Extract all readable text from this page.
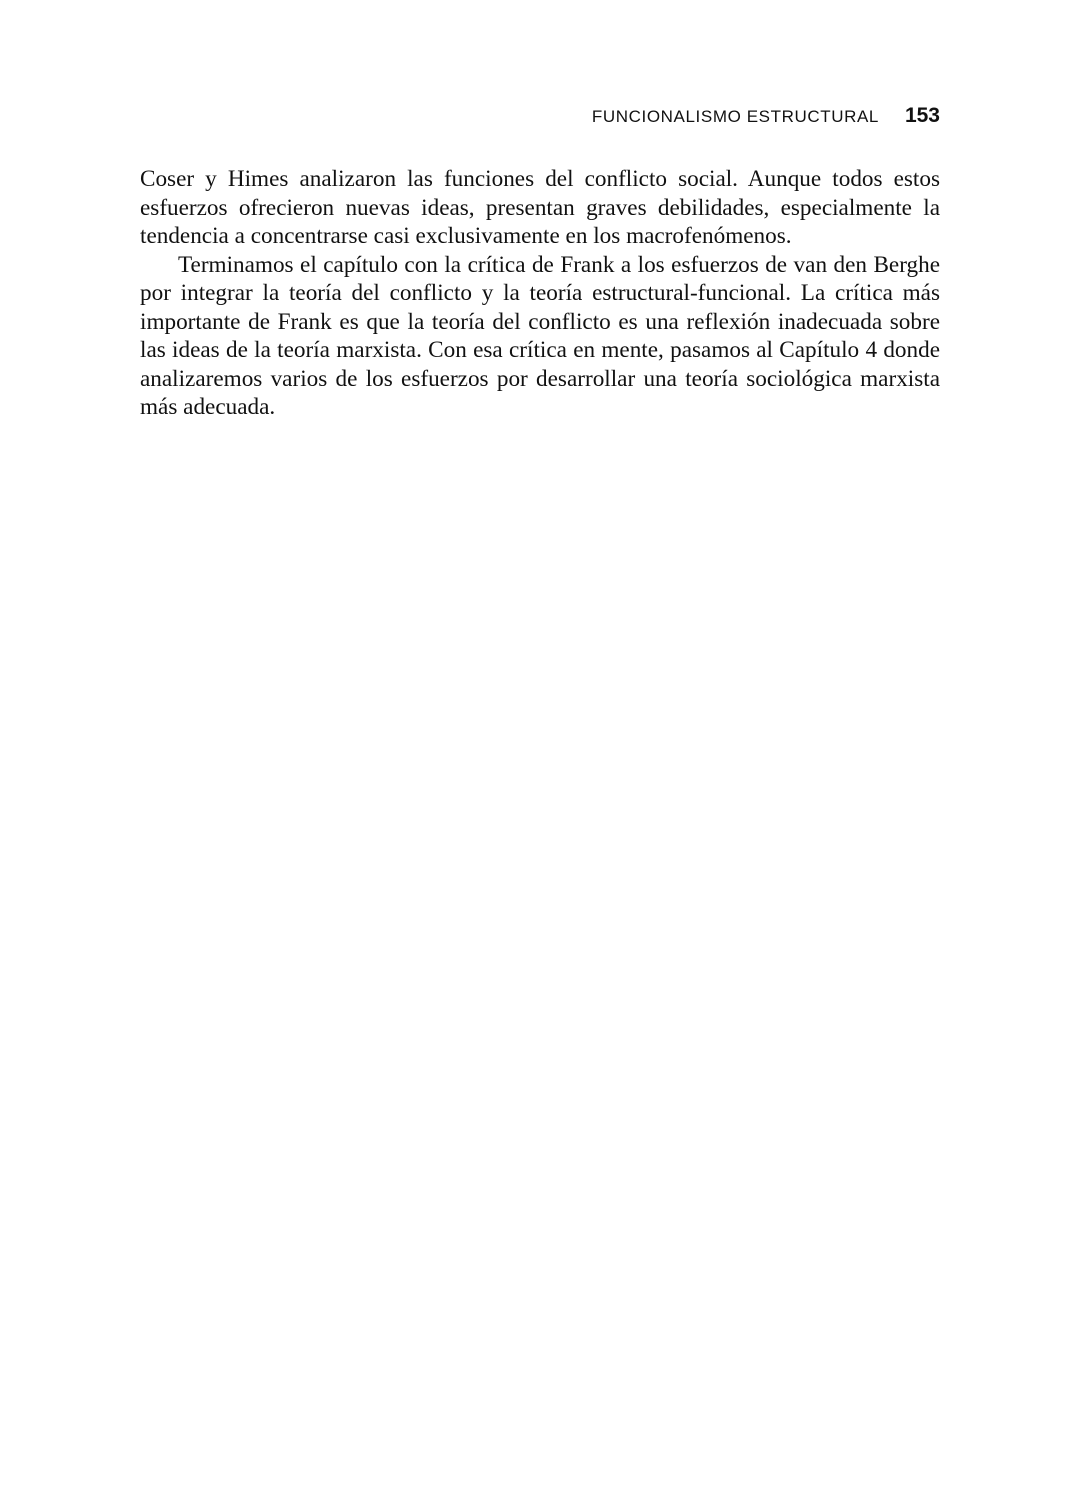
FUNCIONALISMO ESTRUCTURAL 153

Coser y Himes analizaron las funciones del conflicto social. Aunque todos estos esfuerzos ofrecieron nuevas ideas, presentan graves debilidades, especialmente la tendencia a concentrarse casi exclusivamente en los macrofenómenos.

Terminamos el capítulo con la crítica de Frank a los esfuerzos de van den Berghe por integrar la teoría del conflicto y la teoría estructural-funcional. La crítica más importante de Frank es que la teoría del conflicto es una reflexión inadecuada sobre las ideas de la teoría marxista. Con esa crítica en mente, pasamos al Capítulo 4 donde analizaremos varios de los esfuerzos por desarrollar una teoría sociológica marxista más adecuada.
